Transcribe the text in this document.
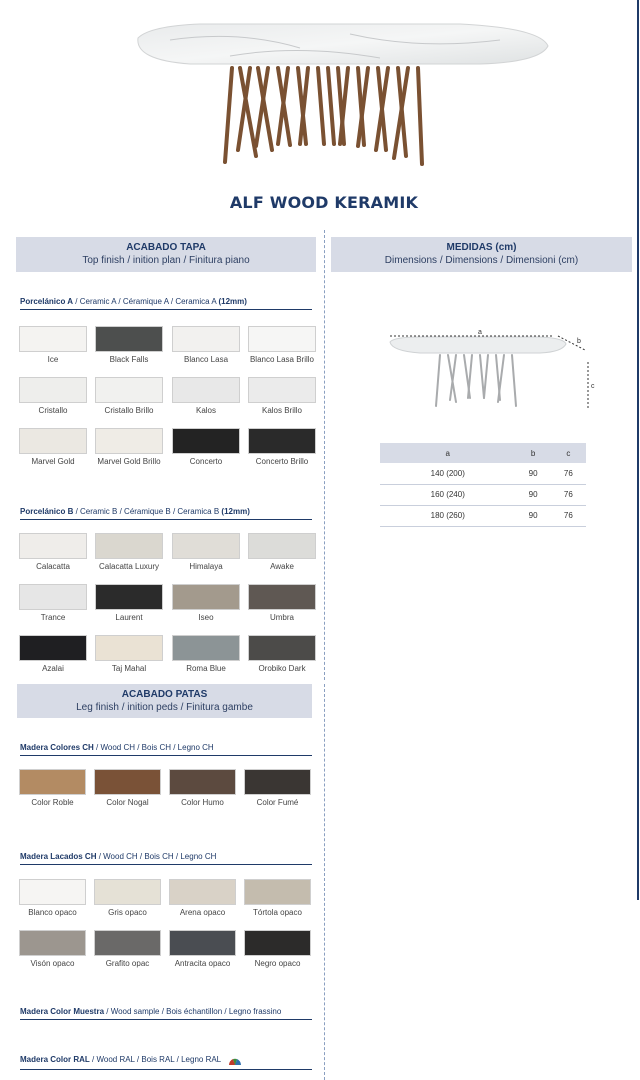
ALF WOOD KERAMIK
ACABADO TAPA
Top finish / inition plan / Finitura piano
MEDIDAS (cm)
Dimensions / Dimensions / Dimensioni (cm)
Porcelánico A / Ceramic A / Céramique A / Ceramica A (12mm)
Ice	Black Falls	Blanco Lasa	Blanco Lasa Brillo
Cristallo	Cristallo Brillo	Kalos	Kalos Brillo
Marvel Gold	Marvel Gold Brillo	Concerto	Concerto Brillo
Porcelánico B / Ceramic B / Céramique B / Ceramica B (12mm)
Calacatta	Calacatta Luxury	Himalaya	Awake
Trance	Laurent	Iseo	Umbra
Azalai	Taj Mahal	Roma Blue	Orobiko Dark
ACABADO PATAS
Leg finish / inition peds / Finitura gambe
Madera Colores CH / Wood CH / Bois CH / Legno CH
Color Roble	Color Nogal	Color Humo	Color Fumé
Madera Lacados CH / Wood CH / Bois CH / Legno CH
Blanco opaco	Gris opaco	Arena opaco	Tórtola opaco
Visón opaco	Grafito opac	Antracita opaco	Negro opaco
Madera Color Muestra / Wood sample / Bois échantillon / Legno frassino
Madera Color RAL / Wood RAL / Bois RAL / Legno RAL
a
b
c
a	b	c
140 (200)	90	76
160 (240)	90	76
180 (260)	90	76
